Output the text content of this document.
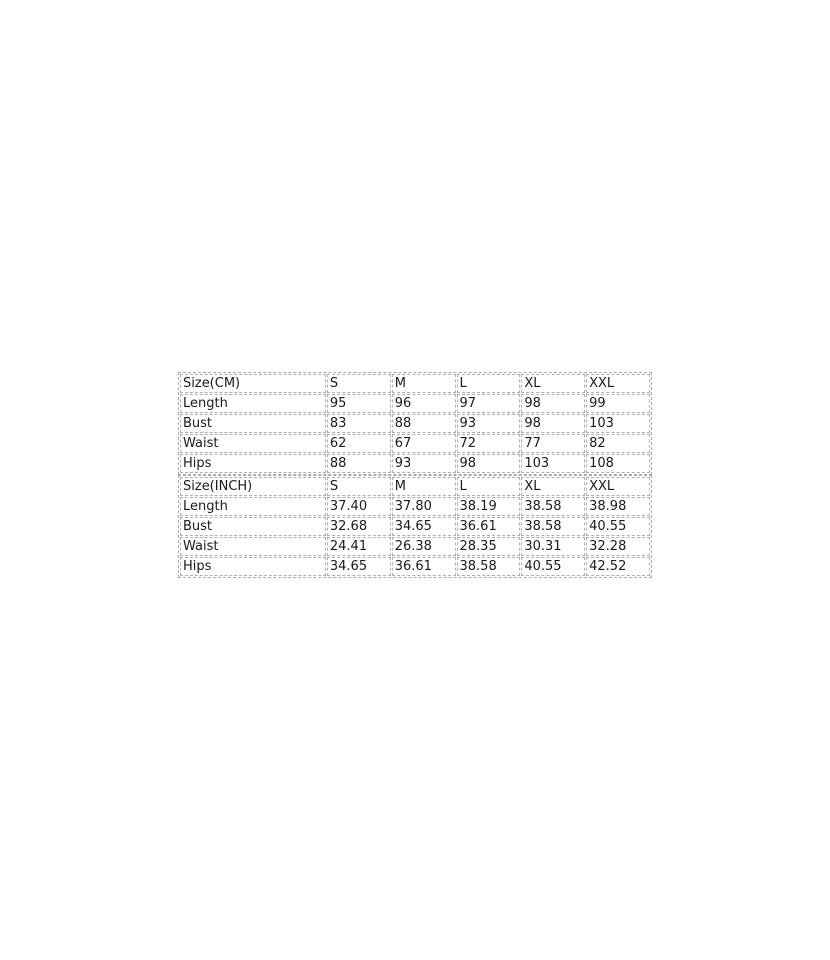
Size(CM)	S	M	L	XL	XXL
Length	95	96	97	98	99
Bust	83	88	93	98	103
Waist	62	67	72	77	82
Hips	88	93	98	103	108
Size(INCH)	S	M	L	XL	XXL
Length	37.40	37.80	38.19	38.58	38.98
Bust	32.68	34.65	36.61	38.58	40.55
Waist	24.41	26.38	28.35	30.31	32.28
Hips	34.65	36.61	38.58	40.55	42.52
